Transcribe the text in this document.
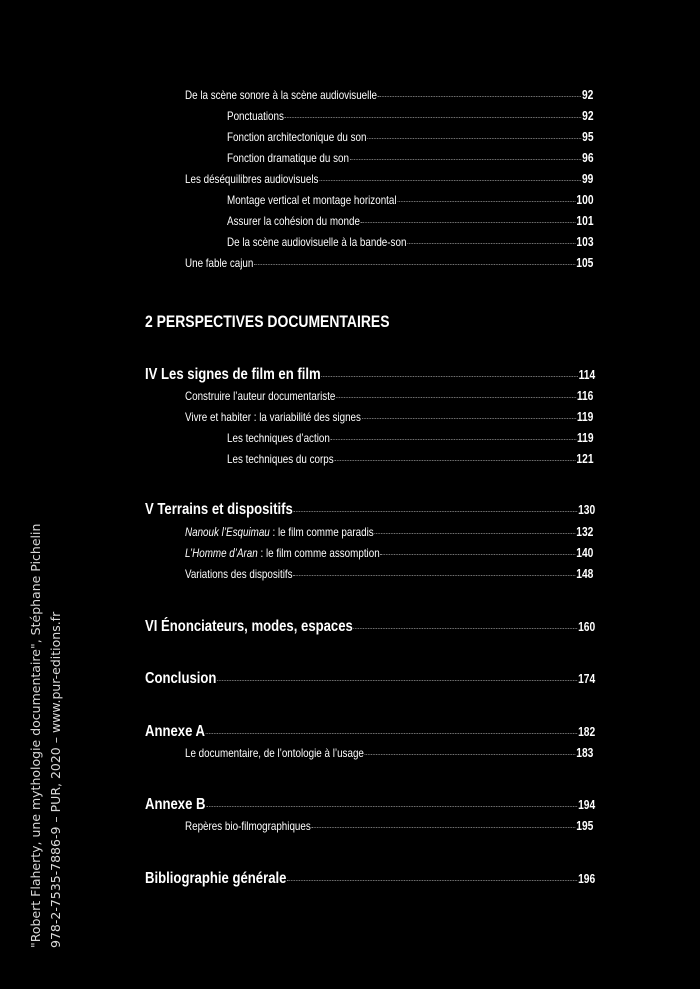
"Robert Flaherty, une mythologie documentaire", Stéphane Pichelin 978-2-7535-7886-9 – PUR, 2020 – www.pur-editions.fr
De la scène sonore à la scène audiovisuelle	92
Ponctuations	92
Fonction architectonique du son	95
Fonction dramatique du son	96
Les déséquilibres audiovisuels	99
Montage vertical et montage horizontal	100
Assurer la cohésion du monde	101
De la scène audiovisuelle à la bande-son	103
Une fable cajun	105
2 PERSPECTIVES DOCUMENTAIRES
IV Les signes de film en film	114
Construire l’auteur documentariste	116
Vivre et habiter : la variabilité des signes	119
Les techniques d’action	119
Les techniques du corps	121
V Terrains et dispositifs	130
Nanouk l’Esquimau : le film comme paradis	132
L’Homme d’Aran : le film comme assomption	140
Variations des dispositifs	148
VI Énonciateurs, modes, espaces	160
Conclusion	174
Annexe A	182
Le documentaire, de l’ontologie à l’usage	183
Annexe B	194
Repères bio-filmographiques	195
Bibliographie générale	196
